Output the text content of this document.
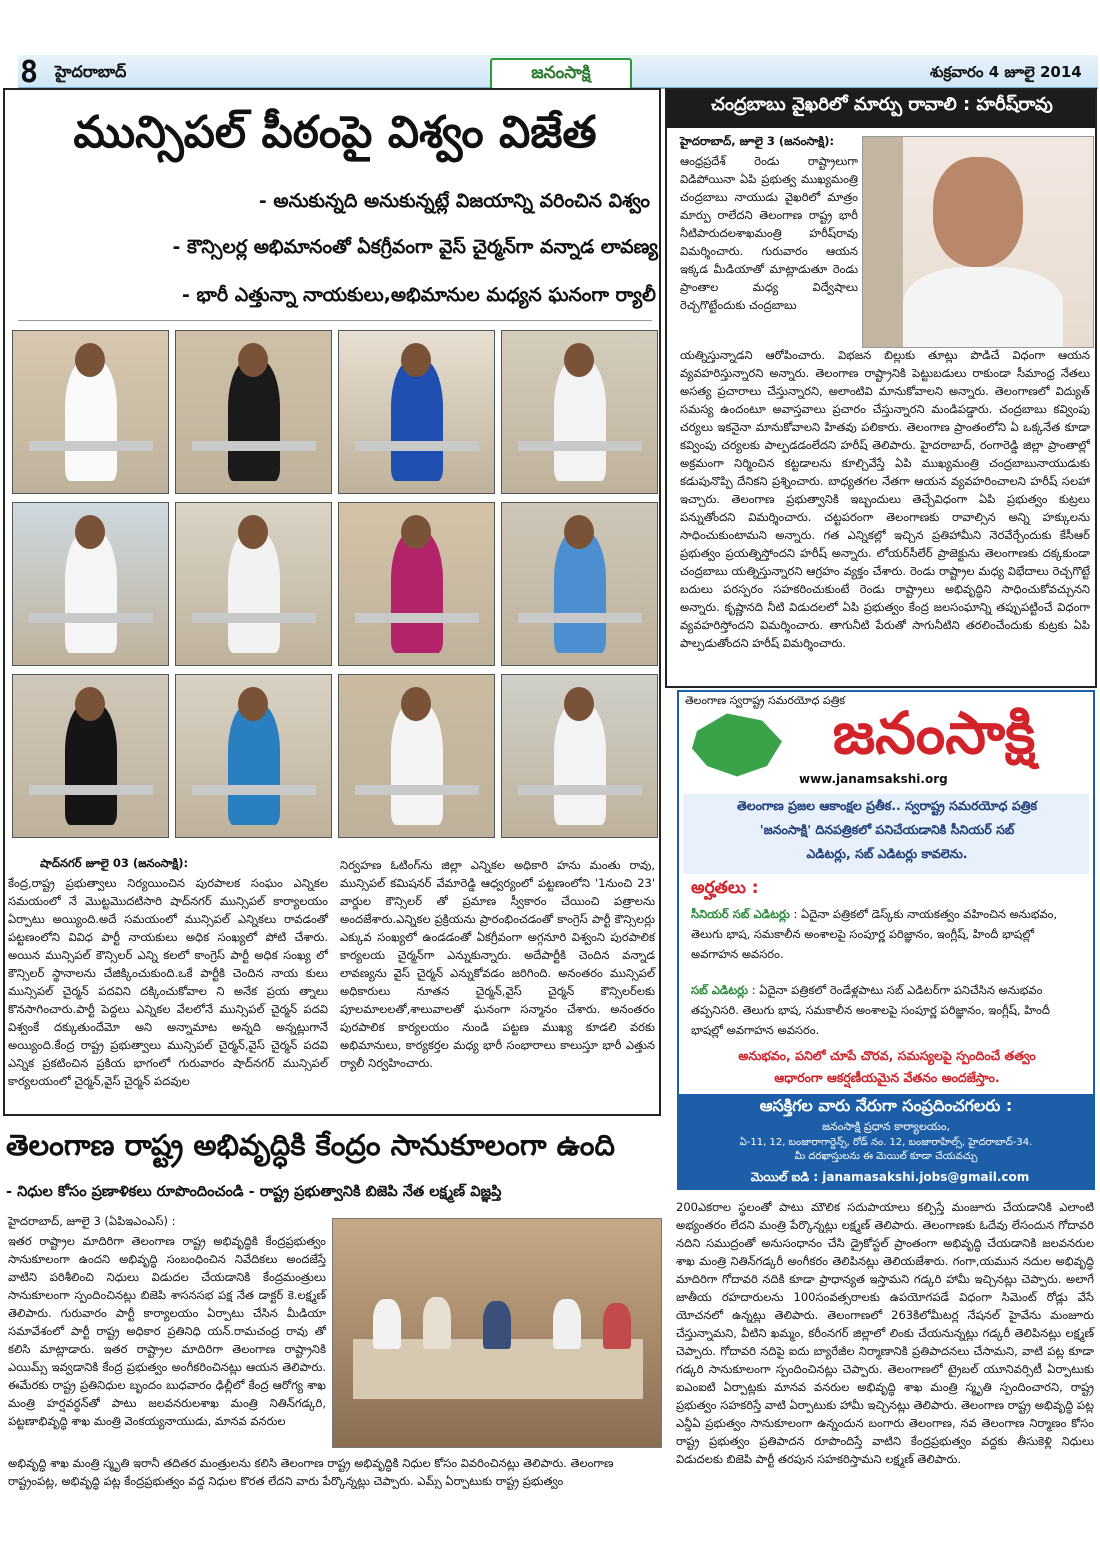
8 హైదరాబాద్	జనంసాక్షి	శుక్రవారం 4 జూలై 2014
మున్సిపల్ పీఠంపై విశ్వం విజేత
- అనుకున్నది అనుకున్నట్లే విజయాన్ని వరించిన విశ్వం
- కౌన్సిలర్ల అభిమానంతో ఏకగ్రీవంగా వైస్ చైర్మన్‌గా వన్నాడ లావణ్య
- భారీ ఎత్తున్నా నాయకులు,అభిమానుల మధ్యన ఘనంగా ర్యాలీ
షాద్‌నగర్ జూలై 03 (జనంసాక్షి):
కేంద్ర,రాష్ట్ర ప్రభుత్వాలు నిర్యయించిన పురపాలక సంఘం ఎన్నికల సమయంలో నే మొట్టమొదటిసారి షాద్‌నగర్ మున్సిపల్ కార్యాలయం ఏర్పాటు అయ్యింది.అదే సమయంలో మున్సిపల్ ఎన్నికలు రావడంతో పట్టణంలోని వివిధ పార్టీ నాయకులు అధిక సంఖ్యలో పోటి చేశారు. అయిన మున్సిపల్ కౌన్సిలర్ ఎన్ని కలలో కాంగ్రెస్ పార్టీ అధిక సంఖ్య లో కౌన్సిలర్ స్థానాలను చేజిక్కించుకుంది.ఒకే పార్టీకి చెందిన నాయ కులు మున్సిపల్ చైర్మన్ పదవిని దక్కించుకోవాల ని అనేక ప్రయ త్నాలు కొనసాగించారు.పార్టీ పెద్దలు ఎన్నికల వేలలోనే మున్సిపల్ చైర్మన్ పదవి విశ్వంకే దక్కుతుందేమో అని అన్నామాట అన్నది అన్నట్లుగానే అయ్యింది.కేంద్ర రాష్ట్ర ప్రభుత్వాలు మున్సిపల్ చైర్మన్,వైస్ చైర్మన్ పదవి ఎన్నిక ప్రకటించిన ప్రకియ భాగంలో గురువారం షాద్‌నగర్ మున్సిపల్ కార్యలయంలో చైర్మన్,వైస్ చైర్మన్ పదవుల
నిర్వహణ ఓటింగ్‌ను జిల్లా ఎన్నికల అధికారి హను మంతు రావు, మున్సిపల్ కమిషనర్ వేమారెడ్డి ఆధ్వర్యంలో పట్టణంలోని '1నుంచి 23' వార్డుల కౌన్సిలర్ తో ప్రమాణ స్వీకారం చేయించి పత్రాలను అందజేశారు.ఎన్నికల ప్రక్రియను ప్రారంభించడంతో కాంగ్రెస్ పార్టీ కౌన్సిలర్లు ఎక్కువ సంఖ్యలో ఉండడంతో ఏకగ్రీవంగా అగ్గనూరి విశ్వంని పురపాలిక కార్యలయ చైర్మన్‌గా ఎన్నుకున్నారు. అదేపార్టీకి చెందిన వన్నాడ లావణ్యను వైస్ చైర్మన్ ఎన్నుకోవడం జరిగింది. అనంతరం మున్సిపల్ అధికారులు నూతన చైర్మన్,వైస్ చైర్మన్ కౌన్సిలర్‌లకు పూలమాలలతో,శాలువాలతో ఘనంగా సన్మానం చేశారు. అనంతరం పురపాలిక కార్యలయం నుండి పట్టణ ముఖ్య కూడలి వరకు అభిమానులు, కార్యకర్తల మధ్య భారీ సంభారాలు కాలుస్తూ భారీ ఎత్తున ర్యాలీ నిర్వహించారు.
చంద్రబాబు వైఖరిలో మార్పు రావాలి : హరీష్‌రావు
హైదరాబాద్, జూలై 3 (జనంసాక్షి):
ఆంధ్రప్రదేశ్ రెండు రాష్ట్రాలుగా విడిపోయినా ఏపి ప్రభుత్వ ముఖ్యమంత్రి చంద్రబాబు నాయుడు వైఖరిలో మాత్రం మార్పు రాలేదని తెలంగాణ రాష్ట్ర భారీ నీటిపారుదలశాఖమంత్రి హరీష్‌రావు విమర్శించారు. గురువారం ఆయన ఇక్కడ మీడియాతో మాట్లాడుతూ రెండు ప్రాంతాల మధ్య విద్వేషాలు రెచ్చగొట్టేందుకు చంద్రబాబు
యత్నిస్తున్నాడని ఆరోపించారు. విభజన బిల్లుకు తూట్లు పొడిచే విధంగా ఆయన వ్యవహరిస్తున్నారని అన్నారు. తెలంగాణ రాష్ట్రానికి పెట్టుబడులు రాకుండా సీమాంధ్ర నేతలు అసత్య ప్రచారాలు చేస్తున్నారని, అలాంటివి మానుకోవాలని అన్నారు. తెలంగాణలో విద్యుత్ సమస్య ఉందంటూ అవాస్తవాలు ప్రచారం చేస్తున్నారని మండిపడ్డారు. చంద్రబాబు కవ్వింపు చర్యలు ఇకనైనా మానుకోవాలని హితవు పలికారు. తెలంగాణ ప్రాంతంలోని ఏ ఒక్కనేత కూడా కవ్వింపు చర్యలకు పాల్పడడంలేదని హరీష్ తెలిపారు. హైదరాబాద్, రంగారెడ్డి జిల్లా ప్రాంతాల్లో అక్రమంగా నిర్మించిన కట్టడాలను కూల్చివేస్తే ఏపి ముఖ్యమంత్రి చంద్రబాబునాయుడుకు కడుపునొప్పి దేనికని ప్రశ్నించారు. బాధ్యతగల నేతగా ఆయన వ్యవహరించాలని హరీష్ సలహా ఇచ్చారు. తెలంగాణ ప్రభుత్వానికి ఇబ్బందులు తెచ్చేవిధంగా ఏపి ప్రభుత్వం కుట్రలు పన్నుతోందని విమర్శించారు. చట్టపరంగా తెలంగాణకు రావాల్సిన అన్ని హక్కులను సాధించుకుంటామని అన్నారు. గత ఎన్నికల్లో ఇచ్చిన ప్రతిహామీని నెరవేర్చేందుకు కేసీఆర్ ప్రభుత్వం ప్రయత్నిస్తోందని హరీష్ అన్నారు. లోయర్‌సీలేర్ ప్రాజెక్టును తెలంగాణకు దక్కకుండా చంద్రబాబు యత్నిస్తున్నారని ఆగ్రహం వ్యక్తం చేశారు. రెండు రాష్ట్రాల మధ్య విభేదాలు రెచ్చగొట్టే బదులు పరస్పరం సహకరించుకుంటే రెండు రాష్ట్రాలు అభివృద్ధిని సాధించుకోవచ్చునని అన్నారు. కృష్ణానది నీటి విడుదలలో ఏపి ప్రభుత్వం కేంద్ర జలసంఘాన్ని తప్పుపట్టించే విధంగా వ్యవహరిస్తోందని విమర్శించారు. తాగునీటి పేరుతో సాగునీటిని తరలించేందుకు కుట్రకు ఏపి పాల్పడుతోందని హరీష్ విమర్శించారు.
తెలంగాణ స్వరాష్ట్ర సమరయోధ పత్రిక
జనంసాక్షి
www.janamsakshi.org
తెలంగాణ ప్రజల ఆకాంక్షల ప్రతీక.. స్వరాష్ట్ర సమరయోధ పత్రిక
'జనంసాక్షి' దినపత్రికలో పనిచేయడానికి సీనియర్ సబ్
ఎడిటర్లు, సబ్ ఎడిటర్లు కావలెను.
అర్హతలు :
సీనియర్ సబ్ ఎడిటర్లు : ఏదైనా పత్రికలో డెస్క్‌కు నాయకత్వం వహించిన అనుభవం, తెలుగు భాష, సమకాలీన అంశాలపై సంపూర్ణ పరిజ్ఞానం, ఇంగ్లీష్, హిందీ భాషల్లో అవగాహన అవసరం.
సబ్ ఎడిటర్లు : ఏదైనా పత్రికలో రెండేళ్లపాటు సబ్ ఎడిటర్‌గా పనిచేసిన అనుభవం తప్పనిసరి. తెలుగు భాష, సమకాలీన అంశాలపై సంపూర్ణ పరిజ్ఞానం, ఇంగ్లీష్, హిందీ భాషల్లో అవగాహన అవసరం.
అనుభవం, పనిలో చూపే చొరవ, సమస్యలపై స్పందించే తత్వం
ఆధారంగా ఆకర్షణీయమైన వేతనం అందజేస్తాం.
ఆసక్తిగల వారు నేరుగా సంప్రదించగలరు :
జనంసాక్షి ప్రధాన కార్యాలయం,
ఏ-11, 12, బంజారాగార్డెన్స్, రోడ్ నం. 12, బంజారాహిల్స్, హైదరాబాద్-34.
మీ దరఖాస్తులను ఈ మెయిల్ కూడా చేయవచ్చు
మెయిల్ ఐడి : janamasakshi.jobs@gmail.com
తెలంగాణ రాష్ట్ర అభివృద్ధికి కేంద్రం సానుకూలంగా ఉంది
- నిధుల కోసం ప్రణాళికలు రూపొందించండి - రాష్ట్ర ప్రభుత్వానికి బిజెపి నేత లక్ష్మణ్ విజ్ఞప్తి
హైదరాబాద్, జూలై 3 (ఏపిఇఎంఎస్) :
ఇతర రాష్ట్రాల మాదిరిగా తెలంగాణ రాష్ట్ర అభివృద్ధికి కేంద్రప్రభుత్వం సానుకూలంగా ఉందని అభివృద్ధి సంబంధించిన నివేదికలు అందజేస్తే వాటిని పరిశీలించి నిధులు విడుదల చేయడానికి కేంద్రమంత్రులు సానుకూలంగా స్పందించినట్లు బిజెపి శాసనసభ పక్ష నేత డాక్టర్ కె.లక్ష్మణ్ తెలిపారు. గురువారం పార్టీ కార్యాలయం ఏర్పాటు చేసిన మీడియా సమావేశంలో పార్టీ రాష్ట్ర అధికార ప్రతినిధి యన్.రామచంద్ర రావు తో కలిసి మాట్లాడారు. ఇతర రాష్ట్రాల మాదిరిగా తెలంగాణ రాష్ట్రానికి ఎయిమ్స్ ఇవ్వడానికి కేంద్ర ప్రభుత్వం అంగీకరించినట్లు ఆయన తెలిపారు. ఈమేరకు రాష్ట్ర ప్రతినిధుల బృందం బుధవారం ఢిల్లీలో కేంద్ర ఆరోగ్య శాఖ మంత్రి హర్షవర్ధన్‌తో పాటు జలవనరులశాఖ మంత్రి నితిన్‌గడ్కరి, పట్టణాభివృద్ధి శాఖ మంత్రి వెంకయ్యనాయుడు, మానవ వనరుల
అభివృద్ధి శాఖ మంత్రి స్మృతి ఇరానీ తదితర మంత్రులను కలిసి తెలంగాణ రాష్ట్ర అభివృద్ధికి నిధుల కోసం వివరించినట్లు తెలిపారు. తెలంగాణ
రాష్ట్రంపట్ల, అభివృద్ధి పట్ల కేంద్రప్రభుత్వం వద్ద నిధుల కొరత లేదని వారు పేర్కొన్నట్లు చెప్పారు. ఎమ్స్ ఏర్పాటుకు రాష్ట్ర ప్రభుత్వం
200ఎకరాల స్థలంతో పాటు మౌలిక సదుపాయాలు కల్పిస్తే మంజూరు చేయడానికి ఎలాంటి అభ్యంతరం లేదని మంత్రి పేర్కొన్నట్లు లక్ష్మణ్ తెలిపారు. తెలంగాణకు ఓదేవు లేసందున గోదావరి నదిని సముద్రంతో అనుసంధానం చేసి డ్రైకోస్టల్ ప్రాంతంగా అభివృద్ధి చేయడానికి జలవనరుల శాఖ మంత్రి నితిన్‌గడ్కరీ అంగీకరం తెలిపినట్లు తెలియజేశారు. గంగా,యమున నదుల అభివృద్ధి మాదిరిగా గోదావరి నదికి కూడా ప్రాధాన్యత ఇస్తామని గడ్కరి హామీ ఇచ్చినట్లు చెప్పారు. అలాగే జాతీయ రహదారులను 100సంవత్సరాలకు ఉపయోగపడే విధంగా సిమెంట్ రోడ్లు వేసే యోచనలో ఉన్నట్లు తెలిపారు. తెలంగాణలో 263కిలోమీటర్ల నేషనల్ హైవేను మంజూరు చేస్తున్నామని, వీటిని ఖమ్మం, కరీంనగర్ జిల్లాలో లింకు చేయనున్నట్లు గడ్కరీ తెలిపినట్లు లక్ష్మణ్ చెప్పారు. గోదావరి నదిపై ఐదు బ్యారేజీల నిర్మాణానికి ప్రతిపాదనలు చేసామని, వాటి పట్ల కూడా గడ్కరి సానుకూలంగా స్పందించినట్లు చెప్పారు. తెలంగాణలో ట్రైబల్ యూనివర్సిటీ ఏర్పాటుకు ఐఎంఐటి ఏర్పాట్లకు మానవ వనరుల అభివృద్ధి శాఖ మంత్రి స్మృతి స్పందించారని, రాష్ట్ర ప్రభుత్వం సహకరిస్తే వాటి ఏర్పాటుకు హామీ ఇచ్చినట్లు తెలిపారు. తెలంగాణ రాష్ట్ర అభివృద్ధి పట్ల ఎన్డీఏ ప్రభుత్వం సానుకూలంగా ఉన్నందున బంగారు తెలంగాణ, నవ తెలంగాణ నిర్మాణం కోసం రాష్ట్ర ప్రభుత్వం ప్రతిపాదన రూపొందిస్తే వాటిని కేంద్రప్రభుత్వం వద్దకు తీసుకెళ్లి నిధులు విడుదలకు బిజెపి పార్టీ తరపున సహకరిస్తామని లక్ష్మణ్ తెలిపారు.
